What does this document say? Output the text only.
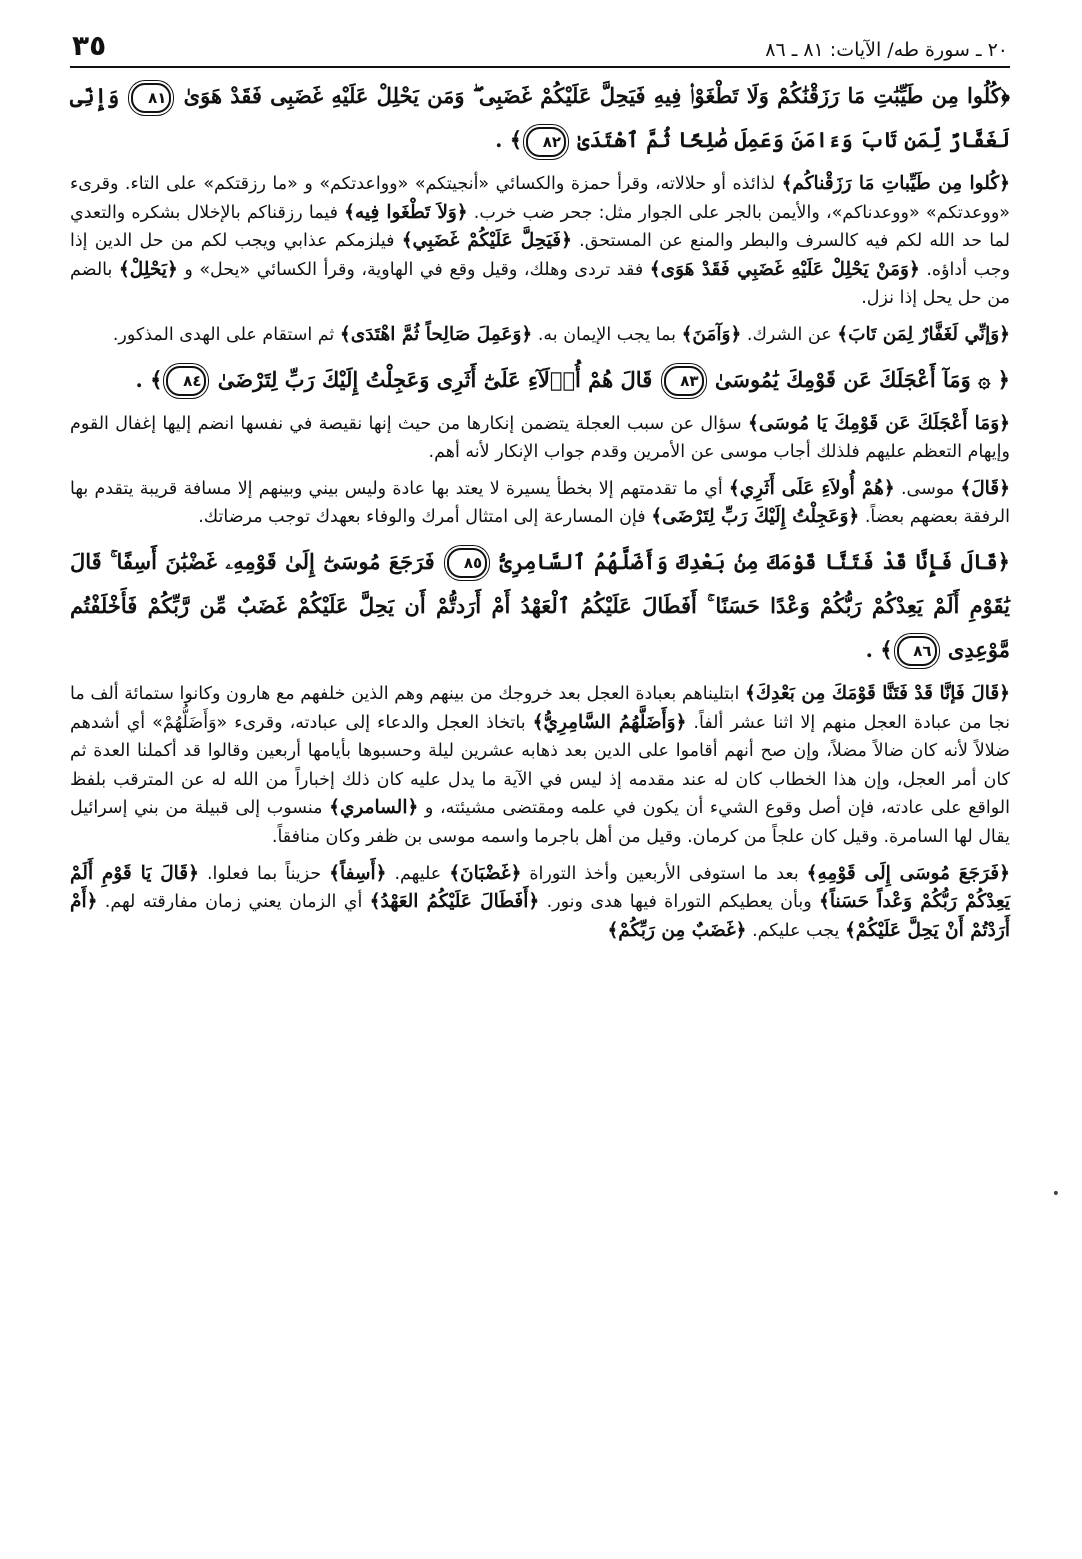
٣٥	٢٠ ـ سورة طه/ الآيات: ٨١ ـ ٨٦

﴿كُلُوا مِن طَيِّبَٰتِ مَا رَزَقْنَٰكُمْ وَلَا تَطْغَوْا۟ فِيهِ فَيَحِلَّ عَلَيْكُمْ غَضَبِى ۖ وَمَن يَحْلِلْ عَلَيْهِ غَضَبِى فَقَدْ هَوَىٰ ٨١ وَإِنِّى لَغَفَّارٌ لِّمَن تَابَ وَءَامَنَ وَعَمِلَ صَٰلِحًا ثُمَّ ٱهْتَدَىٰ ٨٢﴾ .

﴿كُلوا مِن طَيِّباتِ مَا رَزَقْناكُم﴾ لذائذه أو حلالاته، وقرأ حمزة والكسائي «أنجيتكم» «وواعدتكم» و «ما رزقتكم» على التاء. وقرىء «ووعدتكم» «ووعدناكم»، والأيمن بالجر على الجوار مثل: جحر ضب خرب. ﴿وَلاَ تَطْغَوا فِيه﴾ فيما رزقناكم بالإخلال بشكره والتعدي لما حد الله لكم فيه كالسرف والبطر والمنع عن المستحق. ﴿فَيَحِلَّ عَلَيْكُمْ غَضَبِي﴾ فيلزمكم عذابي ويجب لكم من حل الدين إذا وجب أداؤه. ﴿وَمَنْ يَحْلِلْ عَلَيْهِ غَضَبِي فَقَدْ هَوَى﴾ فقد تردى وهلك، وقيل وقع في الهاوية، وقرأ الكسائي «يحل» و ﴿يَحْلِلْ﴾ بالضم من حل يحل إذا نزل.

﴿وَإنِّي لَغَفَّارٌ لِمَن تَابَ﴾ عن الشرك. ﴿وَآمَنَ﴾ بما يجب الإيمان به. ﴿وَعَمِلَ صَالِحاً ثُمَّ اهْتَدَى﴾ ثم استقام على الهدى المذكور.

﴿ ۞ وَمَآ أَعْجَلَكَ عَن قَوْمِكَ يَٰمُوسَىٰ ٨٣ قَالَ هُمْ أُو۟لَآءِ عَلَىٰٓ أَثَرِى وَعَجِلْتُ إِلَيْكَ رَبِّ لِتَرْضَىٰ ٨٤﴾ .

﴿وَمَا أَعْجَلَكَ عَن قَوْمِكَ يَا مُوسَى﴾ سؤال عن سبب العجلة يتضمن إنكارها من حيث إنها نقيصة في نفسها انضم إليها إغفال القوم وإيهام التعظم عليهم فلذلك أجاب موسى عن الأمرين وقدم جواب الإنكار لأنه أهم.

﴿قَالَ﴾ موسى. ﴿هُمْ أُولاَءِ عَلَى أَثَرِي﴾ أي ما تقدمتهم إلا بخطأ يسيرة لا يعتد بها عادة وليس بيني وبينهم إلا مسافة قريبة يتقدم بها الرفقة بعضهم بعضاً. ﴿وَعَجِلْتُ إِلَيْكَ رَبِّ لِتَرْضَى﴾ فإن المسارعة إلى امتثال أمرك والوفاء بعهدك توجب مرضاتك.

﴿قَالَ فَإِنَّا قَدْ فَتَنَّا قَوْمَكَ مِنۢ بَعْدِكَ وَأَضَلَّهُمُ ٱلسَّامِرِىُّ ٨٥ فَرَجَعَ مُوسَىٰٓ إِلَىٰ قَوْمِهِۦ غَضْبَٰنَ أَسِفًا ۚ قَالَ يَٰقَوْمِ أَلَمْ يَعِدْكُمْ رَبُّكُمْ وَعْدًا حَسَنًا ۚ أَفَطَالَ عَلَيْكُمُ ٱلْعَهْدُ أَمْ أَرَدتُّمْ أَن يَحِلَّ عَلَيْكُمْ غَضَبٌ مِّن رَّبِّكُمْ فَأَخْلَفْتُم مَّوْعِدِى ٨٦﴾ .

﴿قَالَ فَإنَّا قَدْ فَتَنَّا قَوْمَكَ مِن بَعْدِكَ﴾ ابتليناهم بعبادة العجل بعد خروجك من بينهم وهم الذين خلفهم مع هارون وكانوا ستمائة ألف ما نجا من عبادة العجل منهم إلا اثنا عشر ألفاً. ﴿وَأَضَلَّهُمُ السَّامِرِيُّ﴾ باتخاذ العجل والدعاء إلى عبادته، وقرىء «وَأَضَلُّهُمْ» أي أشدهم ضلالاً لأنه كان ضالاً مضلاً، وإن صح أنهم أقاموا على الدين بعد ذهابه عشرين ليلة وحسبوها بأيامها أربعين وقالوا قد أكملنا العدة ثم كان أمر العجل، وإن هذا الخطاب كان له عند مقدمه إذ ليس في الآية ما يدل عليه كان ذلك إخباراً من الله له عن المترقب بلفظ الواقع على عادته، فإن أصل وقوع الشيء أن يكون في علمه ومقتضى مشيئته، و ﴿السامري﴾ منسوب إلى قبيلة من بني إسرائيل يقال لها السامرة. وقيل كان علجاً من كرمان. وقيل من أهل باجرما واسمه موسى بن ظفر وكان منافقاً.

﴿فَرَجَعَ مُوسَى إِلَى قَوْمِهِ﴾ بعد ما استوفى الأربعين وأخذ التوراة ﴿غَضْبَانَ﴾ عليهم. ﴿أَسِفاً﴾ حزيناً بما فعلوا. ﴿قَالَ يَا قَوْمِ أَلَمْ يَعِدْكُمْ رَبُّكُمْ وَعْداً حَسَناً﴾ وبأن يعطيكم التوراة فيها هدى ونور. ﴿أَفَطَالَ عَلَيْكُمُ العَهْدُ﴾ أي الزمان يعني زمان مفارقته لهم. ﴿أَمْ أَرَدْتُمْ أَنْ يَحِلَّ عَلَيْكُمْ﴾ يجب عليكم. ﴿غَضَبٌ مِن رَبِّكُمْ﴾

•
